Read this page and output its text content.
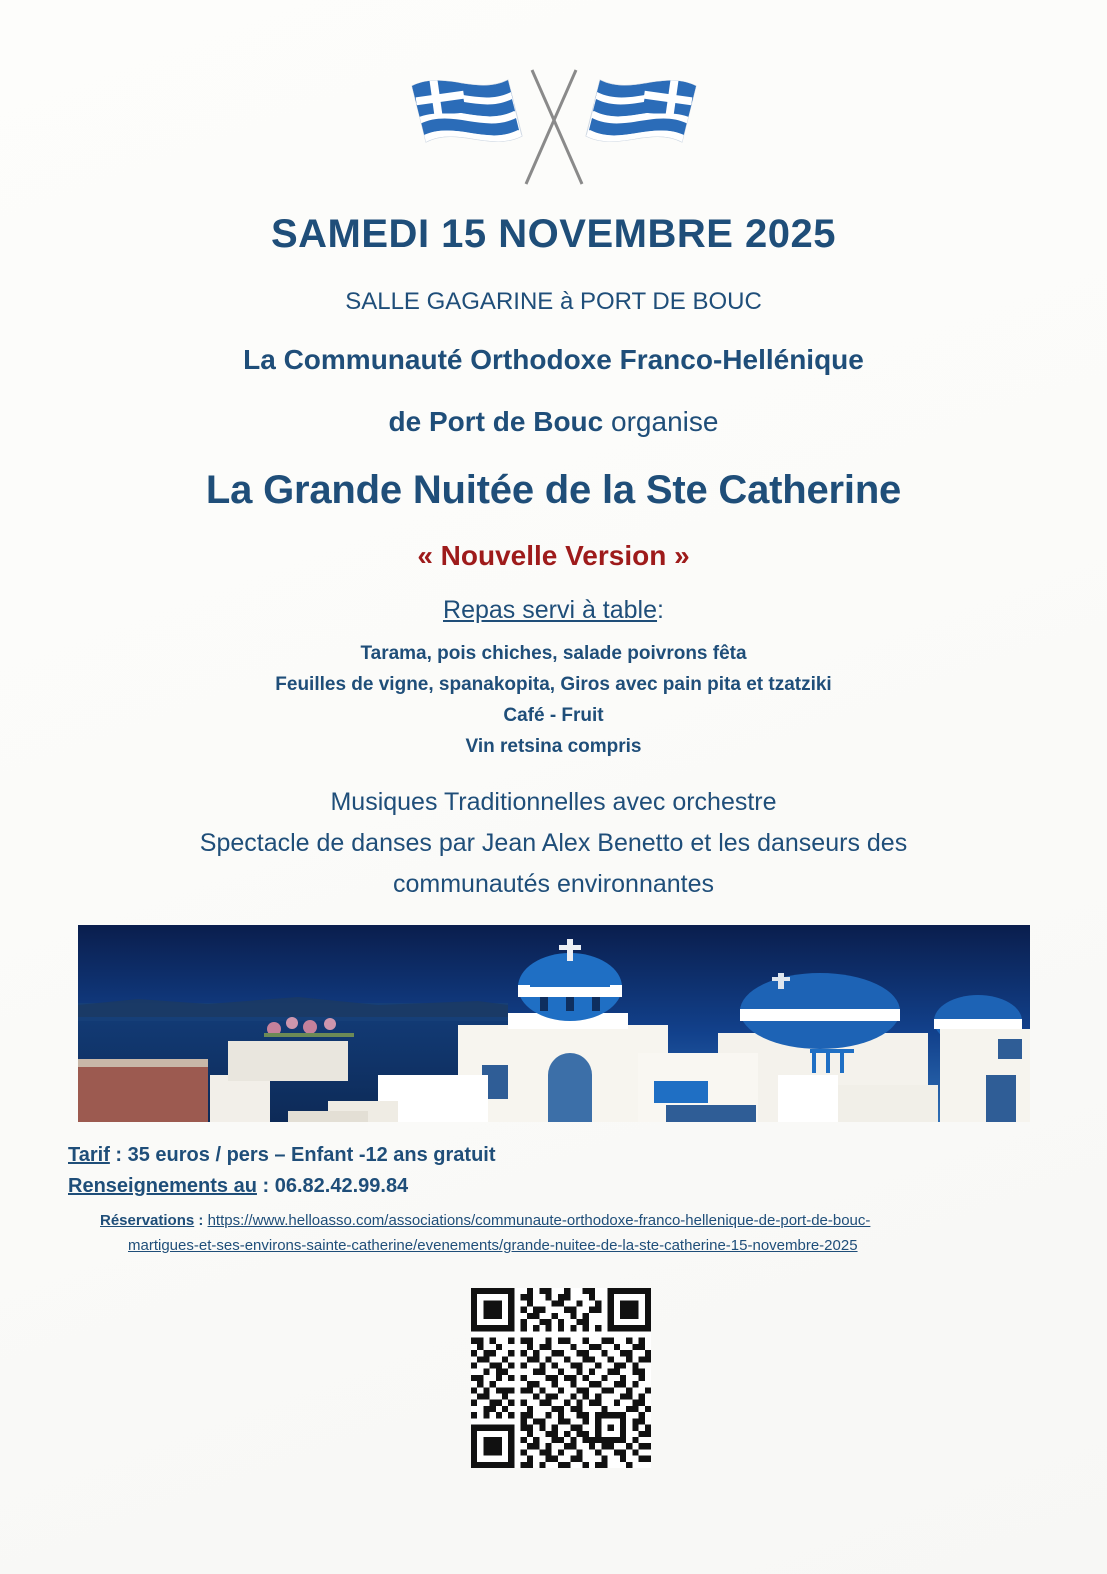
SAMEDI 15 NOVEMBRE 2025
SALLE GAGARINE à PORT DE BOUC
La Communauté Orthodoxe Franco-Hellénique
de Port de Bouc organise
La Grande Nuitée de la Ste Catherine
« Nouvelle Version »
Repas servi à table:
Tarama, pois chiches, salade poivrons fêta
Feuilles de vigne, spanakopita, Giros avec pain pita et tzatziki
Café - Fruit
Vin retsina compris
Musiques Traditionnelles avec orchestre
Spectacle de danses par Jean Alex Benetto et les danseurs des
communautés environnantes
Tarif : 35 euros / pers – Enfant -12 ans gratuit
Renseignements au : 06.82.42.99.84
Réservations : https://www.helloasso.com/associations/communaute-orthodoxe-franco-hellenique-de-port-de-bouc-
martigues-et-ses-environs-sainte-catherine/evenements/grande-nuitee-de-la-ste-catherine-15-novembre-2025
